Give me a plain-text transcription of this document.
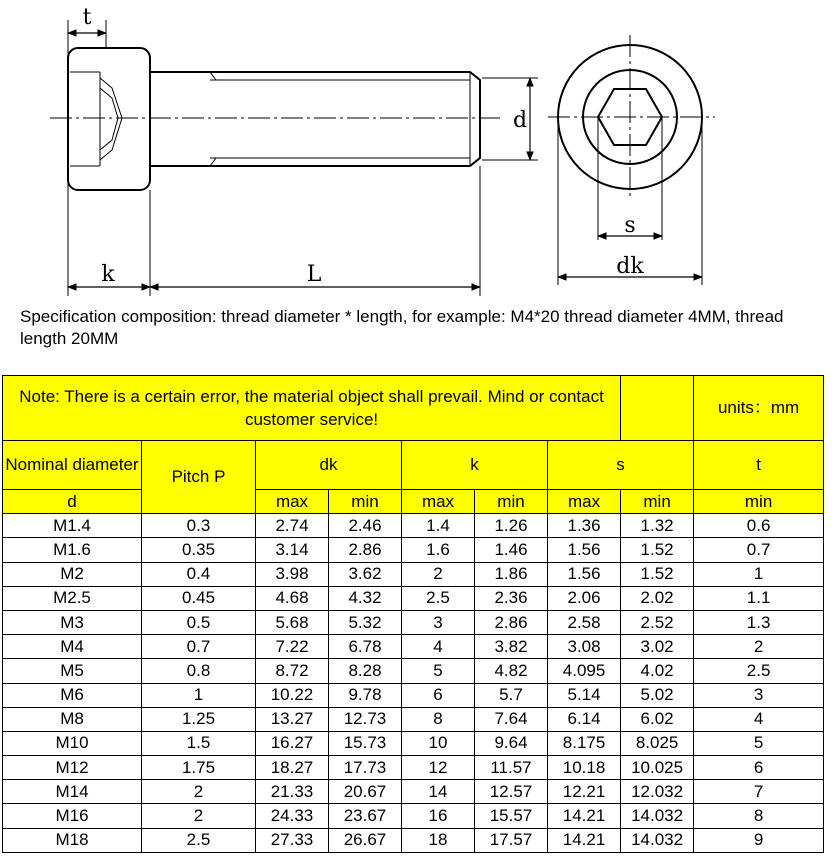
t
k	L
d
s
dk
Specification composition: thread diameter * length, for example: M4*20 thread diameter 4MM, thread length 20MM
Note: There is a certain error, the material object shall prevail. Mind or contact customer service!								units：mm
Nominal diameter	Pitch P	dk		k		s		t
d		max	min	max	min	max	min	min
M1.4	0.3	2.74	2.46	1.4	1.26	1.36	1.32	0.6
M1.6	0.35	3.14	2.86	1.6	1.46	1.56	1.52	0.7
M2	0.4	3.98	3.62	2	1.86	1.56	1.52	1
M2.5	0.45	4.68	4.32	2.5	2.36	2.06	2.02	1.1
M3	0.5	5.68	5.32	3	2.86	2.58	2.52	1.3
M4	0.7	7.22	6.78	4	3.82	3.08	3.02	2
M5	0.8	8.72	8.28	5	4.82	4.095	4.02	2.5
M6	1	10.22	9.78	6	5.7	5.14	5.02	3
M8	1.25	13.27	12.73	8	7.64	6.14	6.02	4
M10	1.5	16.27	15.73	10	9.64	8.175	8.025	5
M12	1.75	18.27	17.73	12	11.57	10.18	10.025	6
M14	2	21.33	20.67	14	12.57	12.21	12.032	7
M16	2	24.33	23.67	16	15.57	14.21	14.032	8
M18	2.5	27.33	26.67	18	17.57	14.21	14.032	9
